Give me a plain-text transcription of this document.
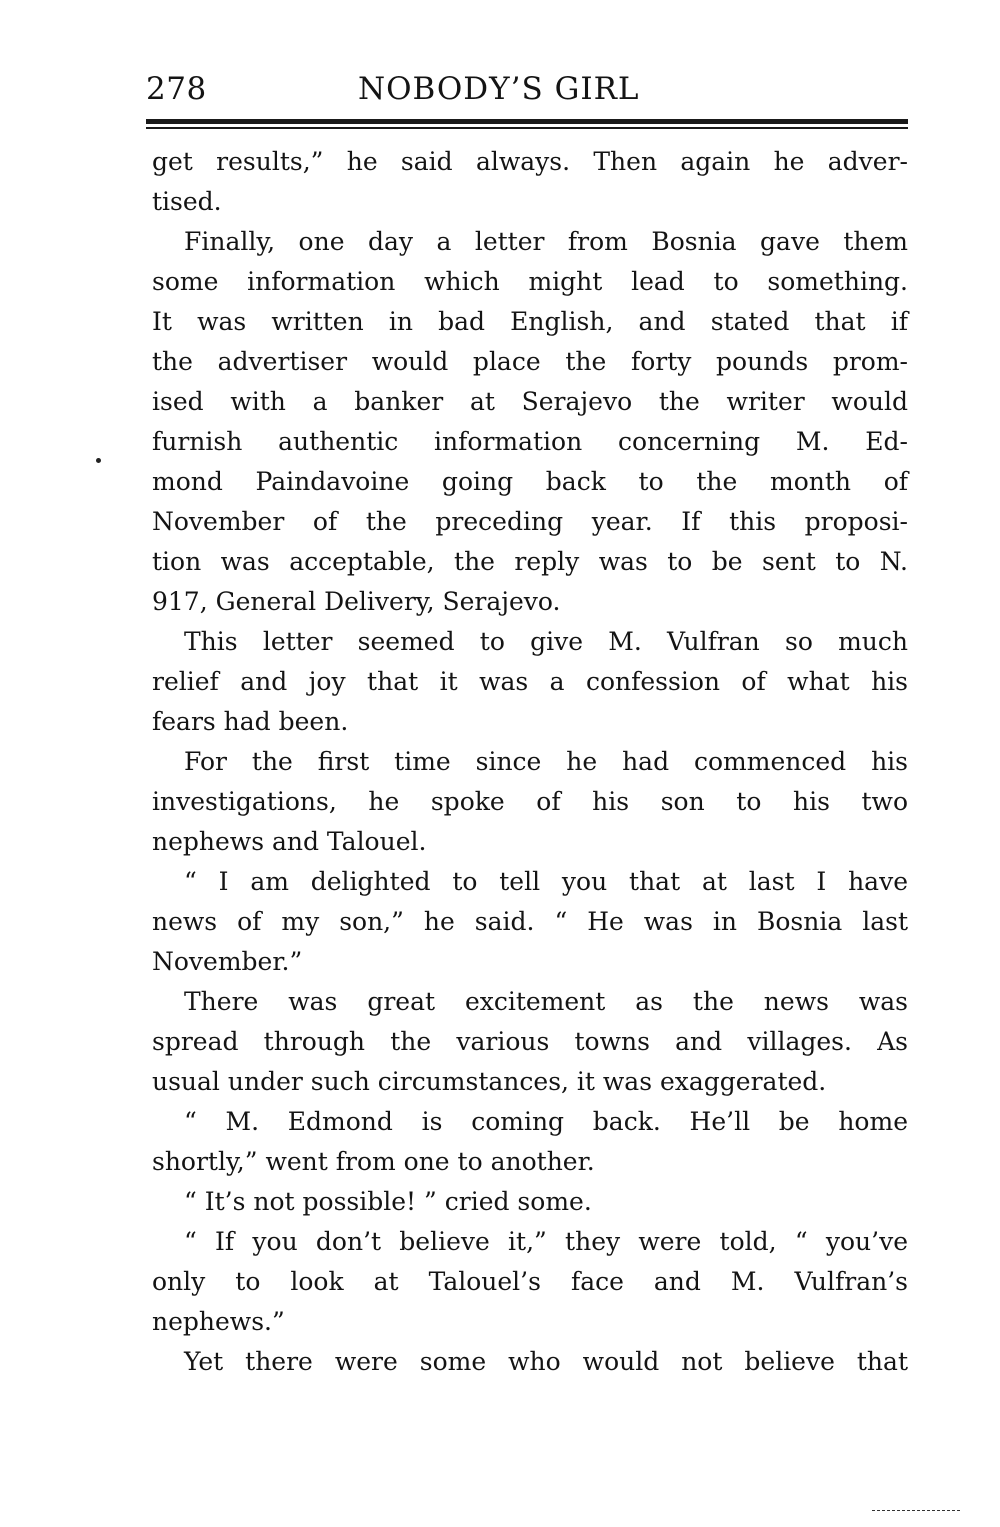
278	NOBODY’S GIRL
get results,” he said always. Then again he adver-
tised.
Finally, one day a letter from Bosnia gave them
some information which might lead to something.
It was written in bad English, and stated that if
the advertiser would place the forty pounds prom-
ised with a banker at Serajevo the writer would
furnish authentic information concerning M. Ed-
mond Paindavoine going back to the month of
November of the preceding year. If this proposi-
tion was acceptable, the reply was to be sent to N.
917, General Delivery, Serajevo.
This letter seemed to give M. Vulfran so much
relief and joy that it was a confession of what his
fears had been.
For the first time since he had commenced his
investigations, he spoke of his son to his two
nephews and Talouel.
“ I am delighted to tell you that at last I have
news of my son,” he said. “ He was in Bosnia last
November.”
There was great excitement as the news was
spread through the various towns and villages. As
usual under such circumstances, it was exaggerated.
“ M. Edmond is coming back. He’ll be home
shortly,” went from one to another.
“ It’s not possible! ” cried some.
“ If you don’t believe it,” they were told, “ you’ve
only to look at Talouel’s face and M. Vulfran’s
nephews.”
Yet there were some who would not believe that
